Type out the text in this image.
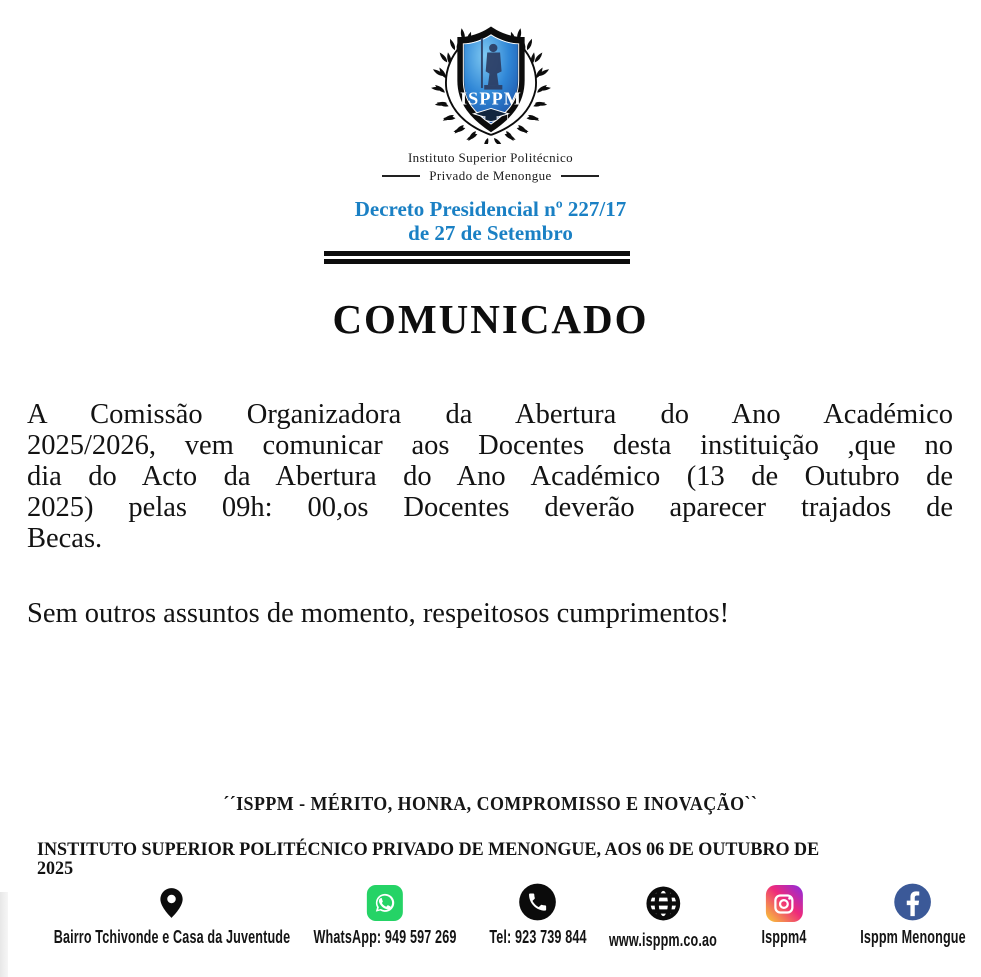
ISPPM
Instituto Superior Politécnico
Privado de Menongue
Decreto Presidencial nº 227/17
de 27 de Setembro
COMUNICADO
A Comissão Organizadora da Abertura do Ano Académico
2025/2026, vem comunicar aos Docentes desta instituição ,que no
dia do Acto da Abertura do Ano Académico (13 de Outubro de
2025) pelas 09h: 00,os Docentes deverão aparecer trajados de
Becas.
Sem outros assuntos de momento, respeitosos cumprimentos!
´´ISPPM - MÉRITO, HONRA, COMPROMISSO E INOVAÇÃO``
INSTITUTO SUPERIOR POLITÉCNICO PRIVADO DE MENONGUE, AOS 06 DE OUTUBRO DE
2025
Bairro Tchivonde e Casa da Juventude	WhatsApp: 949 597 269	Tel: 923 739 844	www.isppm.co.ao	Isppm4	Isppm Menongue
